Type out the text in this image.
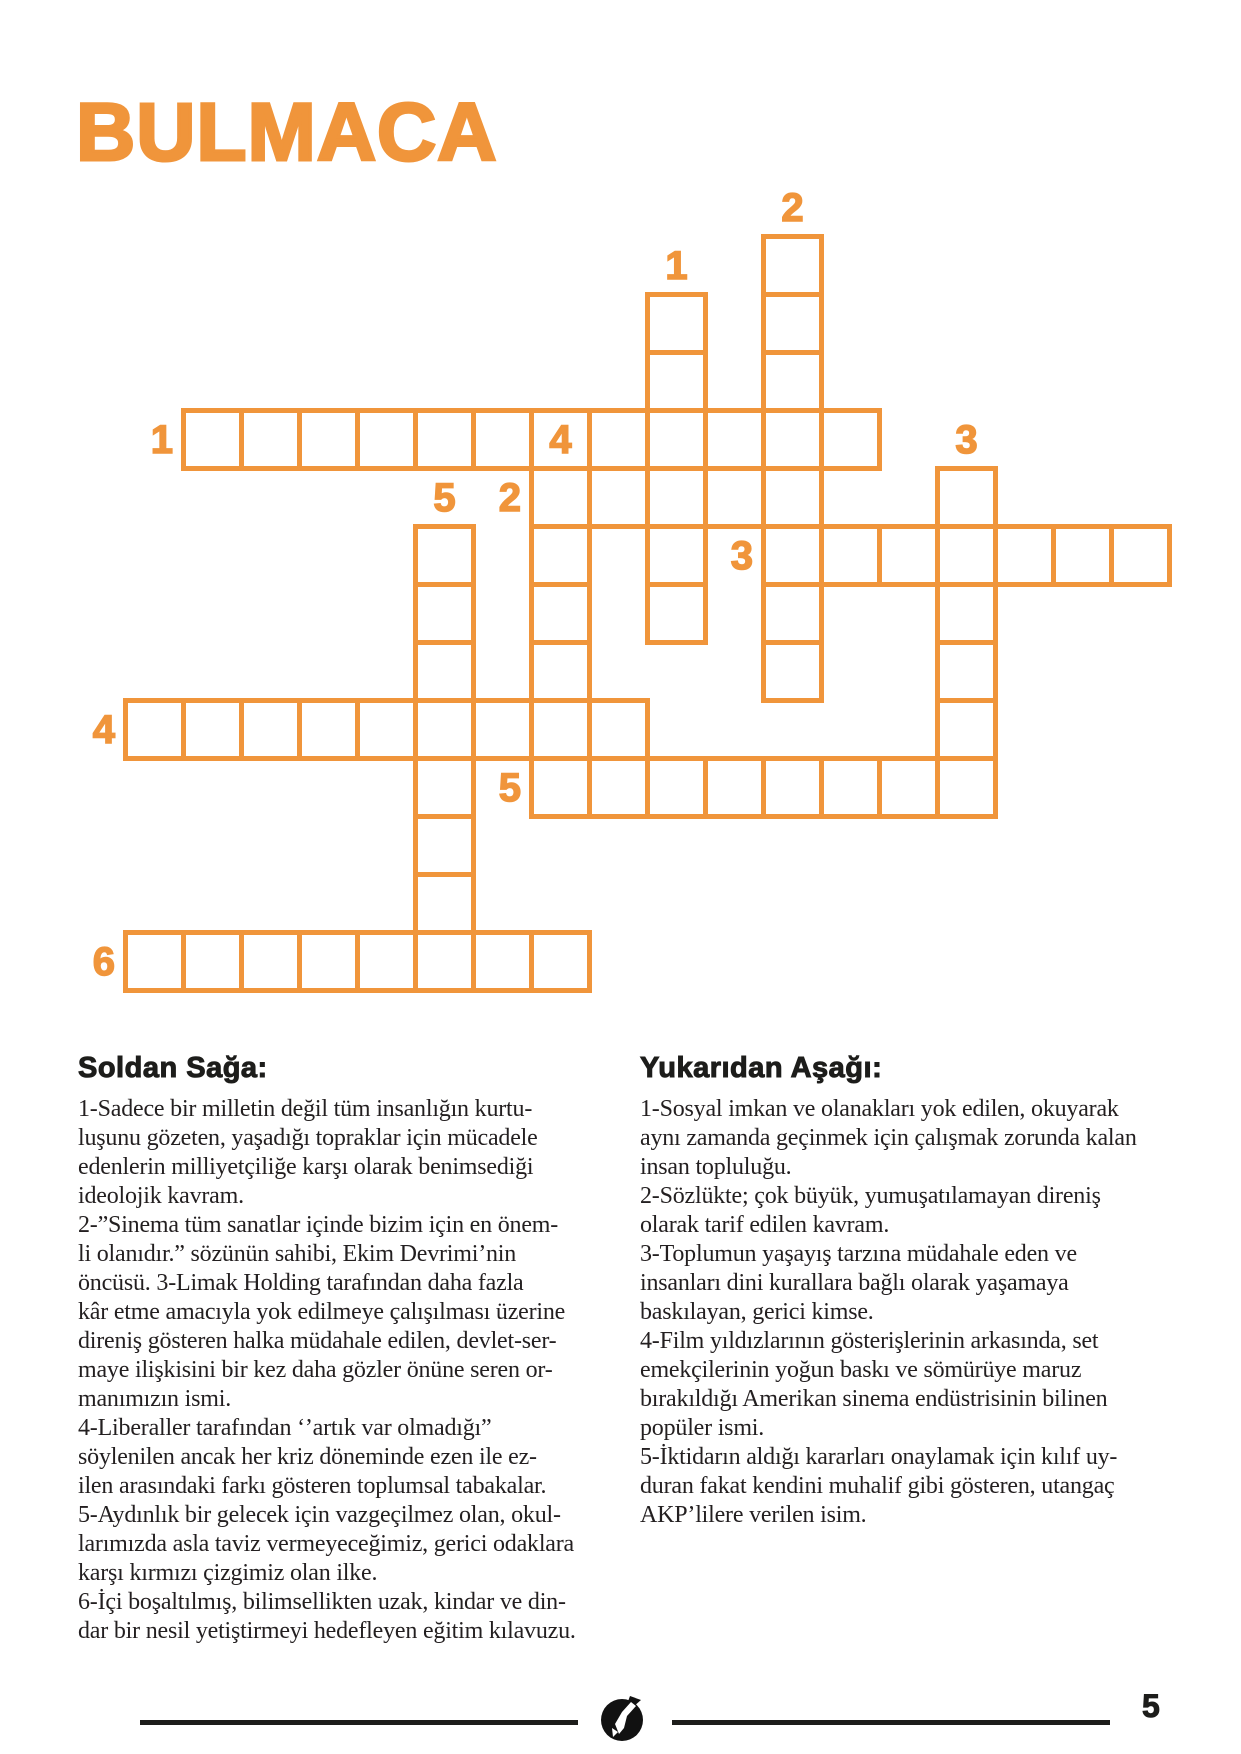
BULMACA
1
2
3
4
5
6
1
2
3
4
5
Soldan Sağa:
1-Sadece bir milletin değil tüm insanlığın kurtu-
luşunu gözeten, yaşadığı topraklar için mücadele
edenlerin milliyetçiliğe karşı olarak benimsediği
ideolojik kavram.
2-”Sinema tüm sanatlar içinde bizim için en önem-
li olanıdır.” sözünün sahibi, Ekim Devrimi’nin
öncüsü. 3-Limak Holding tarafından daha fazla
kâr etme amacıyla yok edilmeye çalışılması üzerine
direniş gösteren halka müdahale edilen, devlet-ser-
maye ilişkisini bir kez daha gözler önüne seren or-
manımızın ismi.
4-Liberaller tarafından ‘’artık var olmadığı”
söylenilen ancak her kriz döneminde ezen ile ez-
ilen arasındaki farkı gösteren toplumsal tabakalar.
5-Aydınlık bir gelecek için vazgeçilmez olan, okul-
larımızda asla taviz vermeyeceğimiz, gerici odaklara
karşı kırmızı çizgimiz olan ilke.
6-İçi boşaltılmış, bilimsellikten uzak, kindar ve din-
dar bir nesil yetiştirmeyi hedefleyen eğitim kılavuzu.
Yukarıdan Aşağı:
1-Sosyal imkan ve olanakları yok edilen, okuyarak
aynı zamanda geçinmek için çalışmak zorunda kalan
insan topluluğu.
2-Sözlükte; çok büyük, yumuşatılamayan direniş
olarak tarif edilen kavram.
3-Toplumun yaşayış tarzına müdahale eden ve
insanları dini kurallara bağlı olarak yaşamaya
baskılayan, gerici kimse.
4-Film yıldızlarının gösterişlerinin arkasında, set
emekçilerinin yoğun baskı ve sömürüye maruz
bırakıldığı Amerikan sinema endüstrisinin bilinen
popüler ismi.
5-İktidarın aldığı kararları onaylamak için kılıf uy-
duran fakat kendini muhalif gibi gösteren, utangaç
AKP’lilere verilen isim.
5
